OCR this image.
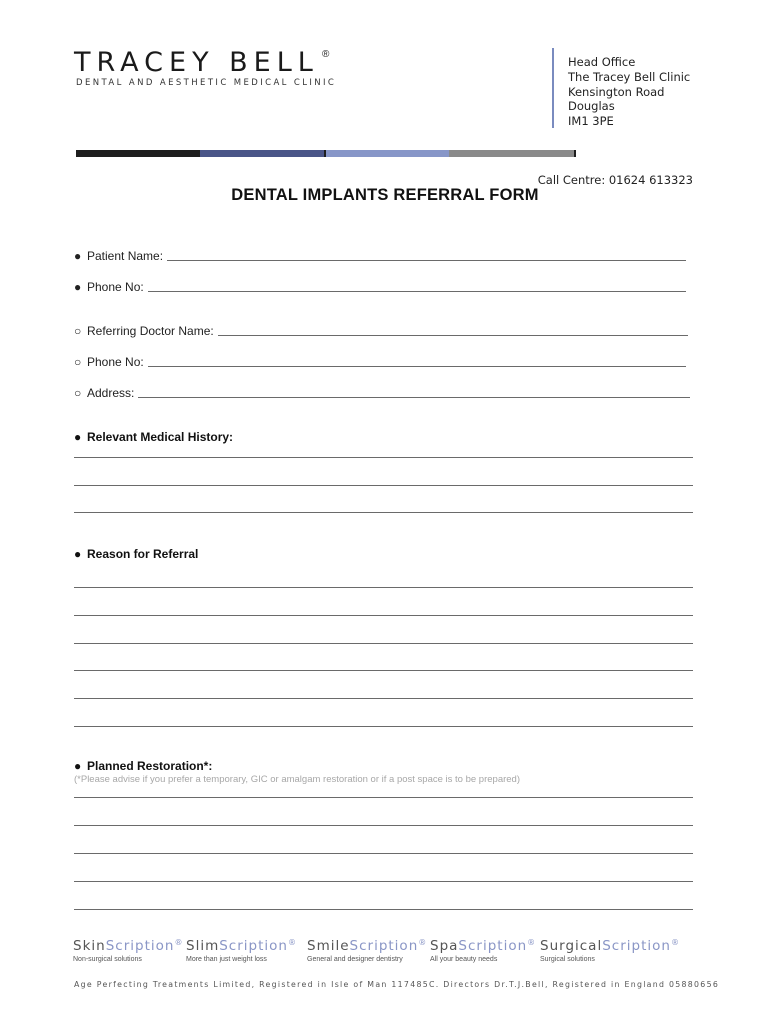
TRACEY BELL ®
DENTAL AND AESTHETIC MEDICAL CLINIC
Head Office
The Tracey Bell Clinic
Kensington Road
Douglas
IM1 3PE
Call Centre: 01624 613323
DENTAL IMPLANTS REFERRAL FORM
● Patient Name:
● Phone No:
○ Referring Doctor Name:
○ Phone No:
○ Address:
● Relevant Medical History:
● Reason for Referral
● Planned Restoration*:
(*Please advise if you prefer a temporary, GIC or amalgam restoration or if a post space is to be prepared)
SkinScription®
Non-surgical solutions
SlimScription®
More than just weight loss
SmileScription®
General and designer dentistry
SpaScription®
All your beauty needs
SurgicalScription®
Surgical solutions
Age Perfecting Treatments Limited, Registered in Isle of Man 117485C. Directors Dr.T.J.Bell, Registered in England 05880656
